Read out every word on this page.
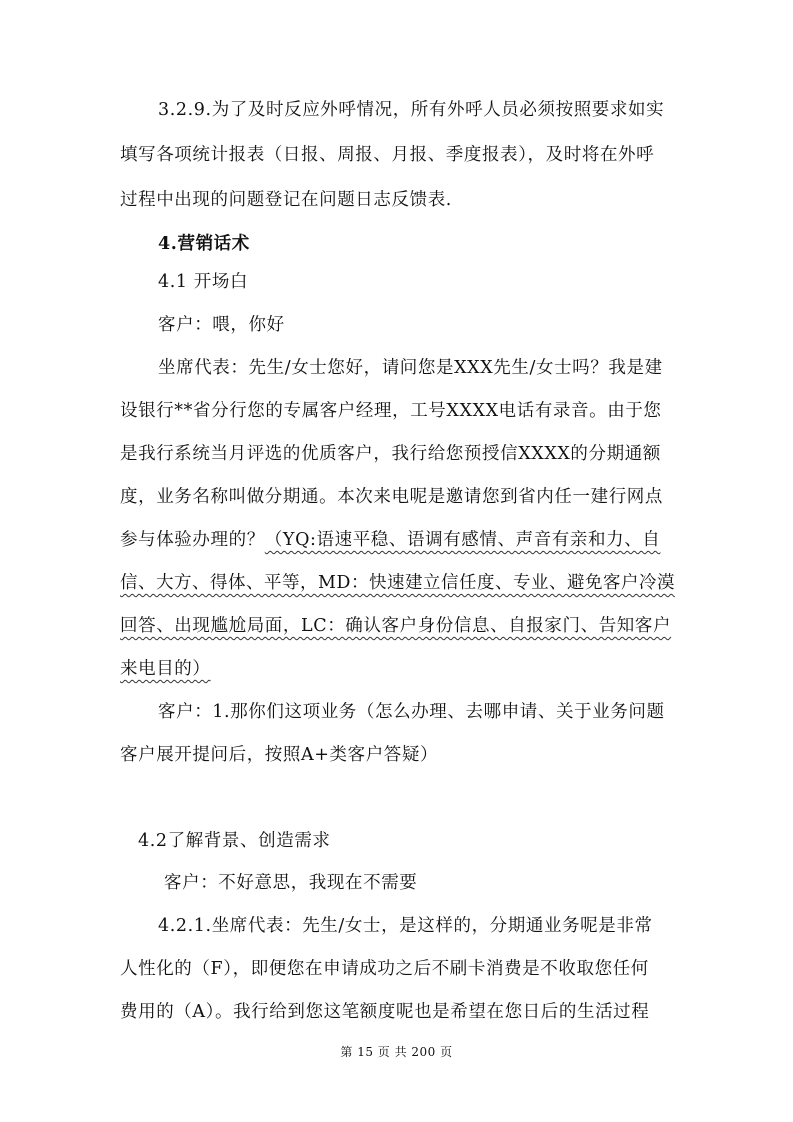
3.2.9.为了及时反应外呼情况，所有外呼人员必须按照要求如实
填写各项统计报表（日报、周报、月报、季度报表），及时将在外呼
过程中出现的问题登记在问题日志反馈表.
4.营销话术
4.1 开场白
客户：喂，你好
坐席代表：先生/女士您好，请问您是XXX先生/女士吗？我是建
设银行**省分行您的专属客户经理，工号XXXX电话有录音。由于您
是我行系统当月评选的优质客户，我行给您预授信XXXX的分期通额
度，业务名称叫做分期通。本次来电呢是邀请您到省内任一建行网点
参与体验办理的？（YQ:语速平稳、语调有感情、声音有亲和力、自
信、大方、得体、平等，MD：快速建立信任度、专业、避免客户冷漠
回答、出现尴尬局面，LC：确认客户身份信息、自报家门、告知客户
来电目的）
客户：1.那你们这项业务（怎么办理、去哪申请、关于业务问题
客户展开提问后，按照A+类客户答疑）
4.2了解背景、创造需求
客户：不好意思，我现在不需要
4.2.1.坐席代表：先生/女士，是这样的，分期通业务呢是非常
人性化的（F），即便您在申请成功之后不刷卡消费是不收取您任何
费用的（A）。我行给到您这笔额度呢也是希望在您日后的生活过程
第 15 页 共 200 页
